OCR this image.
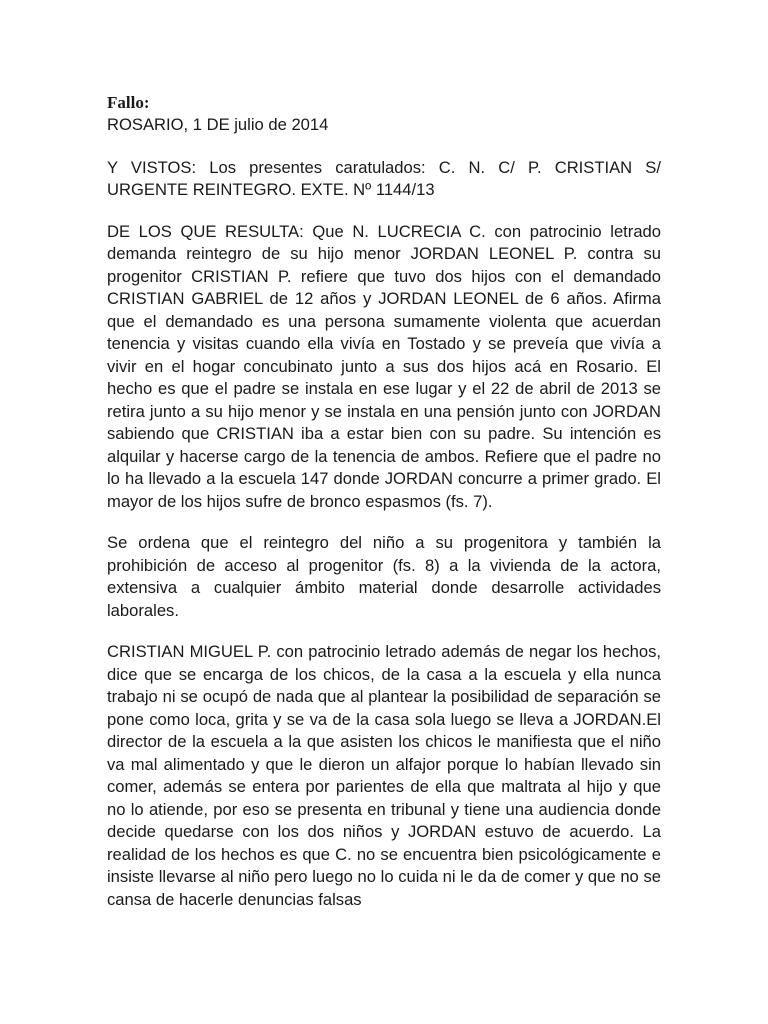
Fallo:

ROSARIO, 1 DE julio de 2014

Y VISTOS: Los presentes caratulados: C. N. C/ P. CRISTIAN S/ URGENTE REINTEGRO. EXTE. Nº 1144/13

DE LOS QUE RESULTA: Que N. LUCRECIA C. con patrocinio letrado demanda reintegro de su hijo menor JORDAN LEONEL P. contra su progenitor CRISTIAN P. refiere que tuvo dos hijos con el demandado CRISTIAN GABRIEL de 12 años y JORDAN LEONEL de 6 años. Afirma que el demandado es una persona sumamente violenta que acuerdan tenencia y visitas cuando ella vivía en Tostado y se preveía que vivía a vivir en el hogar concubinato junto a sus dos hijos acá en Rosario. El hecho es que el padre se instala en ese lugar y el 22 de abril de 2013 se retira junto a su hijo menor y se instala en una pensión junto con JORDAN sabiendo que CRISTIAN iba a estar bien con su padre. Su intención es alquilar y hacerse cargo de la tenencia de ambos. Refiere que el padre no lo ha llevado a la escuela 147 donde JORDAN concurre a primer grado. El mayor de los hijos sufre de bronco espasmos (fs. 7).

Se ordena que el reintegro del niño a su progenitora y también la prohibición de acceso al progenitor (fs. 8) a la vivienda de la actora, extensiva a cualquier ámbito material donde desarrolle actividades laborales.

CRISTIAN MIGUEL P. con patrocinio letrado además de negar los hechos, dice que se encarga de los chicos, de la casa a la escuela y ella nunca trabajo ni se ocupó de nada que al plantear la posibilidad de separación se pone como loca, grita y se va de la casa sola luego se lleva a JORDAN.El director de la escuela a la que asisten los chicos le manifiesta que el niño va mal alimentado y que le dieron un alfajor porque lo habían llevado sin comer, además se entera por parientes de ella que maltrata al hijo y que no lo atiende, por eso se presenta en tribunal y tiene una audiencia donde decide quedarse con los dos niños y JORDAN estuvo de acuerdo. La realidad de los hechos es que C. no se encuentra bien psicológicamente e insiste llevarse al niño pero luego no lo cuida ni le da de comer y que no se cansa de hacerle denuncias falsas
